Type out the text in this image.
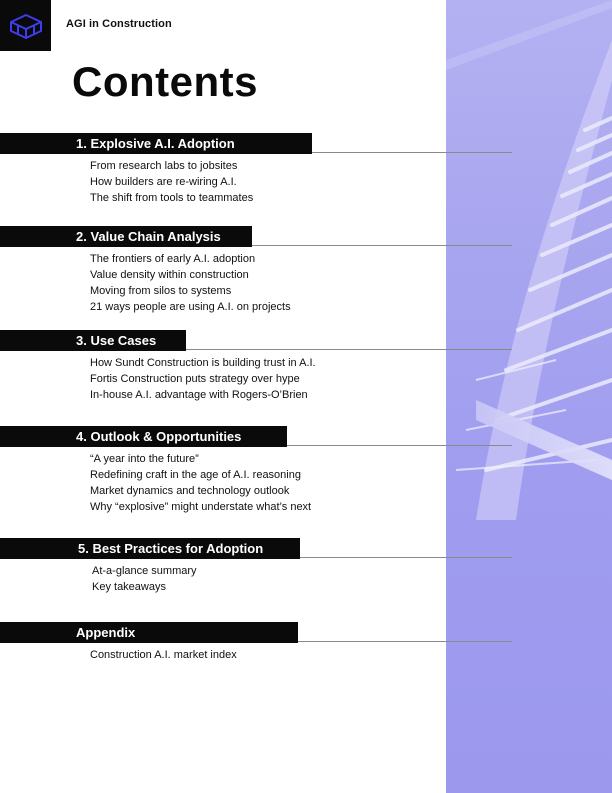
AGI in Construction
Contents
1. Explosive A.I. Adoption
From research labs to jobsites
How builders are re-wiring A.I.
The shift from tools to teammates
2. Value Chain Analysis
The frontiers of early A.I. adoption
Value density within construction
Moving from silos to systems
21 ways people are using A.I. on projects
3. Use Cases
How Sundt Construction is building trust in A.I.
Fortis Construction puts strategy over hype
In-house A.I. advantage with Rogers-O’Brien
4. Outlook & Opportunities
“A year into the future”
Redefining craft in the age of A.I. reasoning
Market dynamics and technology outlook
Why “explosive” might understate what’s next
5. Best Practices for Adoption
At-a-glance summary
Key takeaways
Appendix
Construction A.I. market index
